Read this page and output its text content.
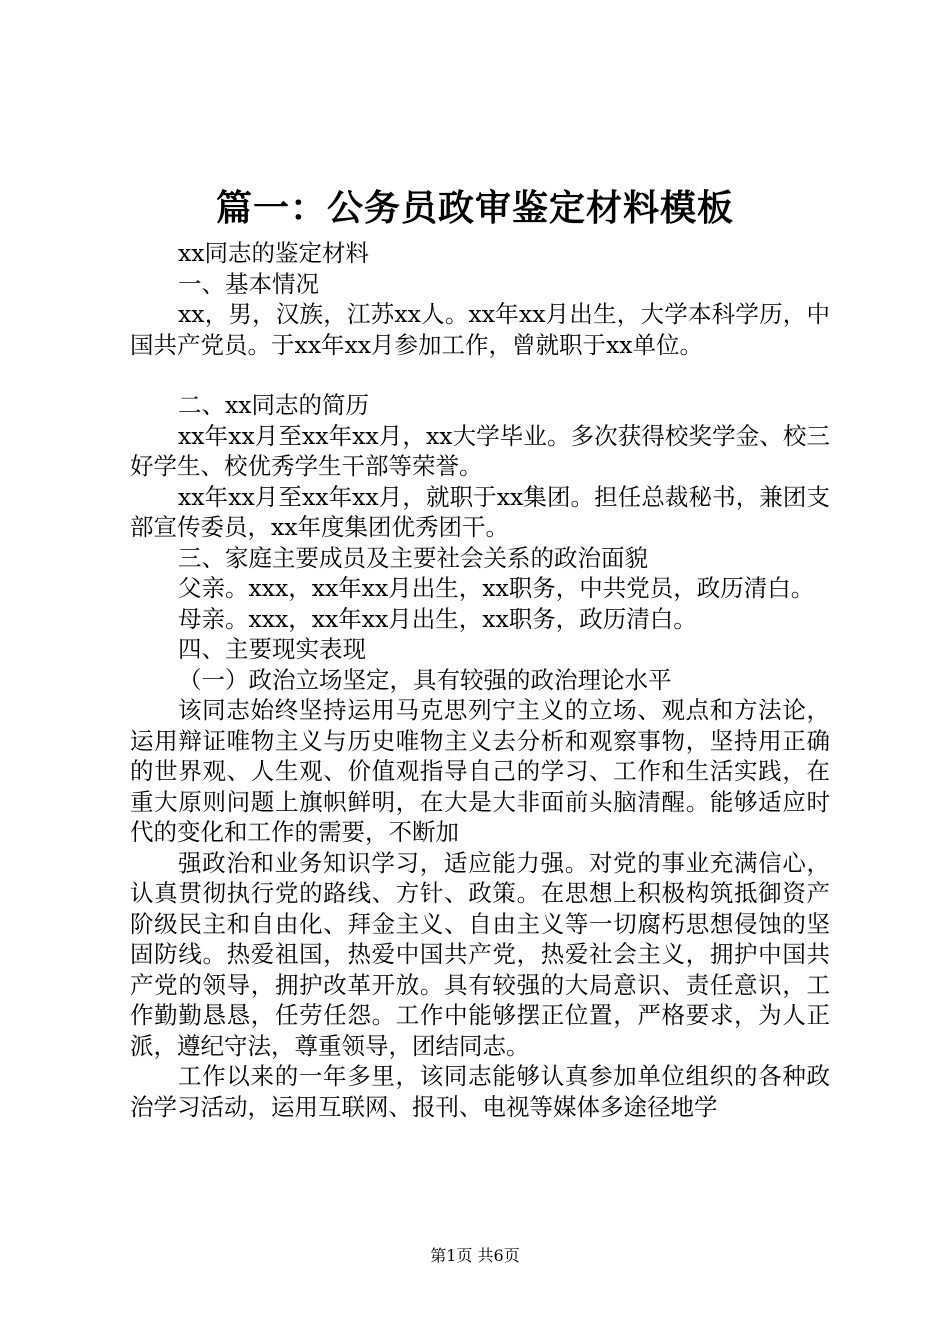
篇一：公务员政审鉴定材料模板

xx同志的鉴定材料

一、基本情况

xx，男，汉族，江苏xx人。xx年xx月出生，大学本科学历，中国共产党员。于xx年xx月参加工作，曾就职于xx单位。

二、xx同志的简历

xx年xx月至xx年xx月，xx大学毕业。多次获得校奖学金、校三好学生、校优秀学生干部等荣誉。

xx年xx月至xx年xx月，就职于xx集团。担任总裁秘书，兼团支部宣传委员，xx年度集团优秀团干。

三、家庭主要成员及主要社会关系的政治面貌

父亲。xxx，xx年xx月出生，xx职务，中共党员，政历清白。

母亲。xxx，xx年xx月出生，xx职务，政历清白。

四、主要现实表现

（一）政治立场坚定，具有较强的政治理论水平

该同志始终坚持运用马克思列宁主义的立场、观点和方法论，运用辩证唯物主义与历史唯物主义去分析和观察事物，坚持用正确的世界观、人生观、价值观指导自己的学习、工作和生活实践，在重大原则问题上旗帜鲜明，在大是大非面前头脑清醒。能够适应时代的变化和工作的需要，不断加

强政治和业务知识学习，适应能力强。对党的事业充满信心，认真贯彻执行党的路线、方针、政策。在思想上积极构筑抵御资产阶级民主和自由化、拜金主义、自由主义等一切腐朽思想侵蚀的坚固防线。热爱祖国，热爱中国共产党，热爱社会主义，拥护中国共产党的领导，拥护改革开放。具有较强的大局意识、责任意识，工作勤勤恳恳，任劳任怨。工作中能够摆正位置，严格要求，为人正派，遵纪守法，尊重领导，团结同志。

工作以来的一年多里，该同志能够认真参加单位组织的各种政治学习活动，运用互联网、报刊、电视等媒体多途径地学

第1页 共6页
